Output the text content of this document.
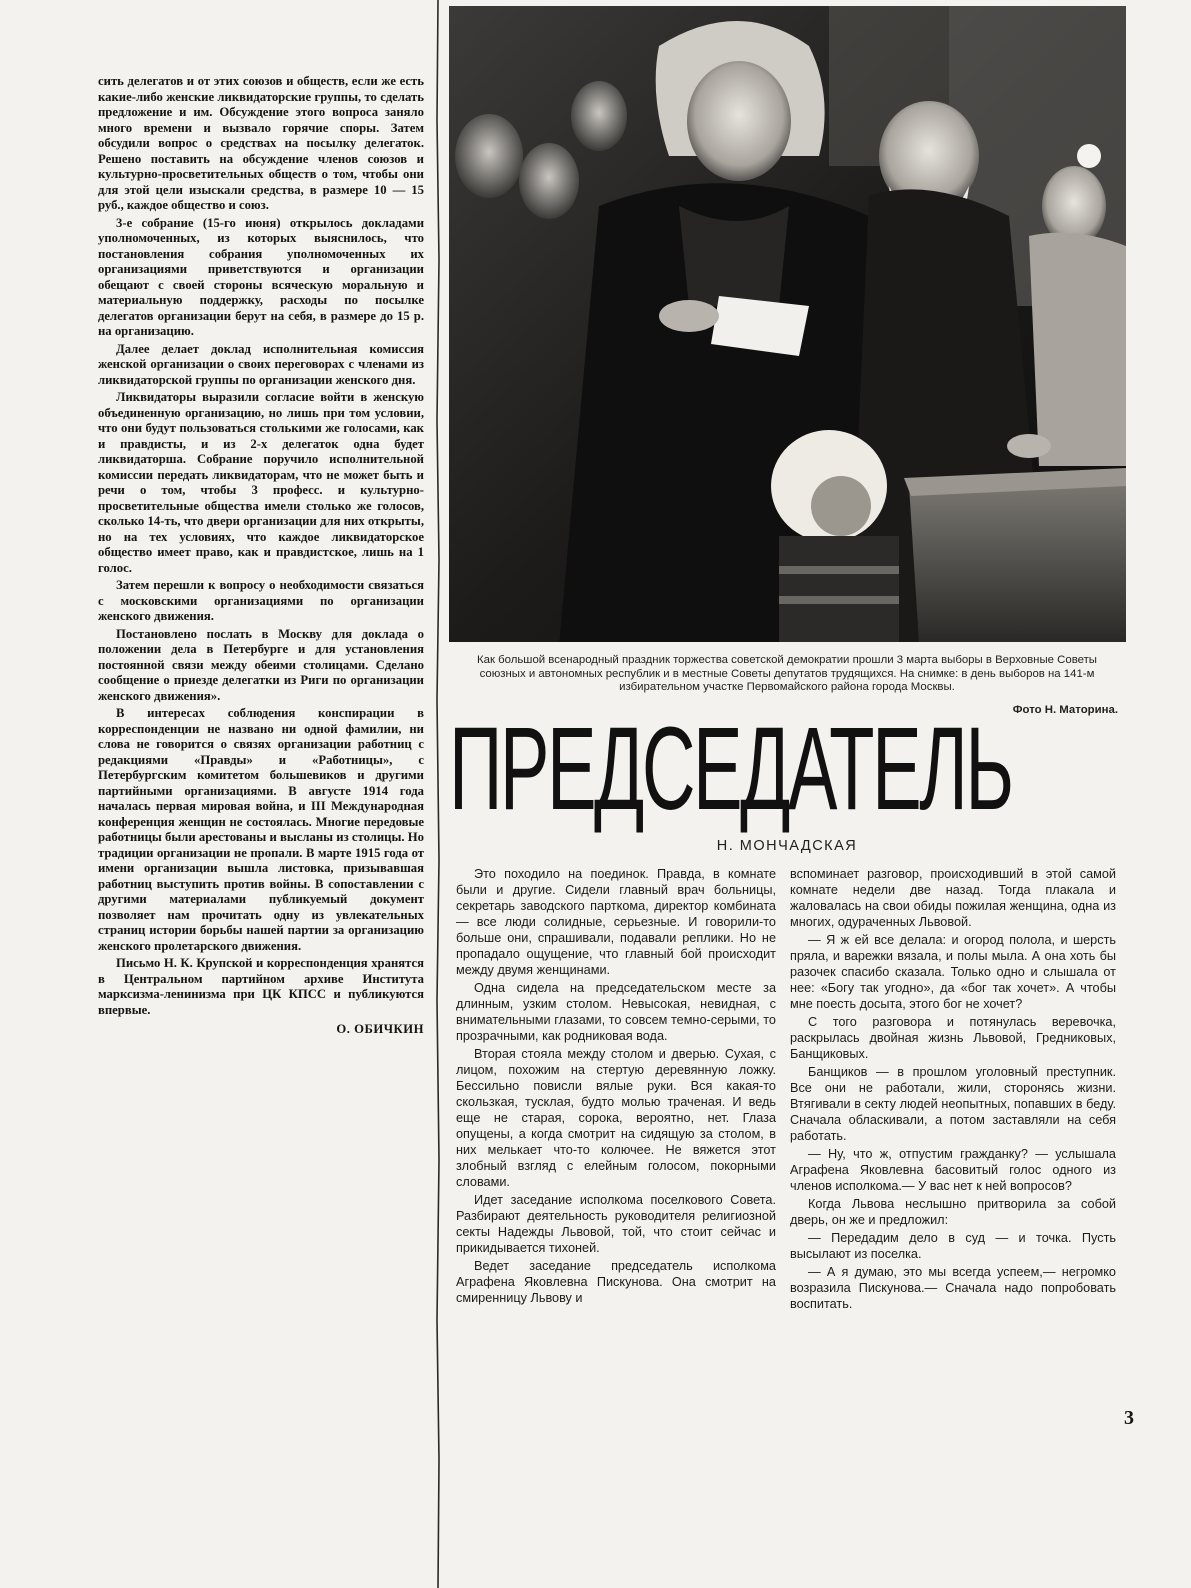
сить делегатов и от этих союзов и обществ, если же есть какие-либо женские ликвидаторские группы, то сделать предложение и им. Обсуждение этого вопроса заняло много времени и вызвало горячие споры. Затем обсудили вопрос о средствах на посылку делегаток. Решено поставить на обсуждение членов союзов и культурно-просветительных обществ о том, чтобы они для этой цели изыскали средства, в размере 10 — 15 руб., каждое общество и союз.

3-е собрание (15-го июня) открылось докладами уполномоченных, из которых выяснилось, что постановления собрания уполномоченных их организациями приветствуются и организации обещают с своей стороны всяческую моральную и материальную поддержку, расходы по посылке делегатов организации берут на себя, в размере до 15 р. на организацию.

Далее делает доклад исполнительная комиссия женской организации о своих переговорах с членами из ликвидаторской группы по организации женского дня.

Ликвидаторы выразили согласие войти в женскую объединенную организацию, но лишь при том условии, что они будут пользоваться столькими же голосами, как и правдисты, и из 2-х делегаток одна будет ликвидаторша. Собрание поручило исполнительной комиссии передать ликвидаторам, что не может быть и речи о том, чтобы 3 професс. и культурно-просветительные общества имели столько же голосов, сколько 14-ть, что двери организации для них открыты, но на тех условиях, что каждое ликвидаторское общество имеет право, как и правдистское, лишь на 1 голос.

Затем перешли к вопросу о необходимости связаться с московскими организациями по организации женского движения.

Постановлено послать в Москву для доклада о положении дела в Петербурге и для установления постоянной связи между обеими столицами. Сделано сообщение о приезде делегатки из Риги по организации женского движения».

В интересах соблюдения конспирации в корреспонденции не названо ни одной фамилии, ни слова не говорится о связях организации работниц с редакциями «Правды» и «Работницы», с Петербургским комитетом большевиков и другими партийными организациями. В августе 1914 года началась первая мировая война, и III Международная конференция женщин не состоялась. Многие передовые работницы были арестованы и высланы из столицы. Но традиции организации не пропали. В марте 1915 года от имени организации вышла листовка, призывавшая работниц выступить против войны. В сопоставлении с другими материалами публикуемый документ позволяет нам прочитать одну из увлекательных страниц истории борьбы нашей партии за организацию женского пролетарского движения.

Письмо Н. К. Крупской и корреспонденция хранятся в Центральном партийном архиве Института марксизма-ленинизма при ЦК КПСС и публикуются впервые.

О. ОБИЧКИН

Как большой всенародный праздник торжества советской демократии прошли 3 марта выборы в Верховные Советы союзных и автономных республик и в местные Советы депутатов трудящихся. На снимке: в день выборов на 141-м избирательном участке Первомайского района города Москвы.
Фото Н. Маторина.
ПРЕДСЕДАТЕЛЬ
Н. МОНЧАДСКАЯ

Это походило на поединок. Правда, в комнате были и другие. Сидели главный врач больницы, секретарь заводского парткома, директор комбината — все люди солидные, серьезные. И говорили-то больше они, спрашивали, подавали реплики. Но не пропадало ощущение, что главный бой происходит между двумя женщинами.

Одна сидела на председательском месте за длинным, узким столом. Невысокая, невидная, с внимательными глазами, то совсем темно-серыми, то прозрачными, как родниковая вода.

Вторая стояла между столом и дверью. Сухая, с лицом, похожим на стертую деревянную ложку. Бессильно повисли вялые руки. Вся какая-то скользкая, тусклая, будто молью траченая. И ведь еще не старая, сорока, вероятно, нет. Глаза опущены, а когда смотрит на сидящую за столом, в них мелькает что-то колючее. Не вяжется этот злобный взгляд с елейным голосом, покорными словами.

Идет заседание исполкома поселкового Совета. Разбирают деятельность руководителя религиозной секты Надежды Львовой, той, что стоит сейчас и прикидывается тихоней.

Ведет заседание председатель исполкома Аграфена Яковлевна Пискунова. Она смотрит на смиренницу Львову и

вспоминает разговор, происходивший в этой самой комнате недели две назад. Тогда плакала и жаловалась на свои обиды пожилая женщина, одна из многих, одураченных Львовой.

— Я ж ей все делала: и огород полола, и шерсть пряла, и варежки вязала, и полы мыла. А она хоть бы разочек спасибо сказала. Только одно и слышала от нее: «Богу так угодно», да «бог так хочет». А чтобы мне поесть досыта, этого бог не хочет?

С того разговора и потянулась веревочка, раскрылась двойная жизнь Львовой, Гредниковых, Банщиковых.

Банщиков — в прошлом уголовный преступник. Все они не работали, жили, сторонясь жизни. Втягивали в секту людей неопытных, попавших в беду. Сначала обласкивали, а потом заставляли на себя работать.

— Ну, что ж, отпустим гражданку? — услышала Аграфена Яковлевна басовитый голос одного из членов исполкома.— У вас нет к ней вопросов?

Когда Львова неслышно притворила за собой дверь, он же и предложил:

— Передадим дело в суд — и точка. Пусть высылают из поселка.

— А я думаю, это мы всегда успеем,— негромко возразила Пискунова.— Сначала надо попробовать воспитать.

3
